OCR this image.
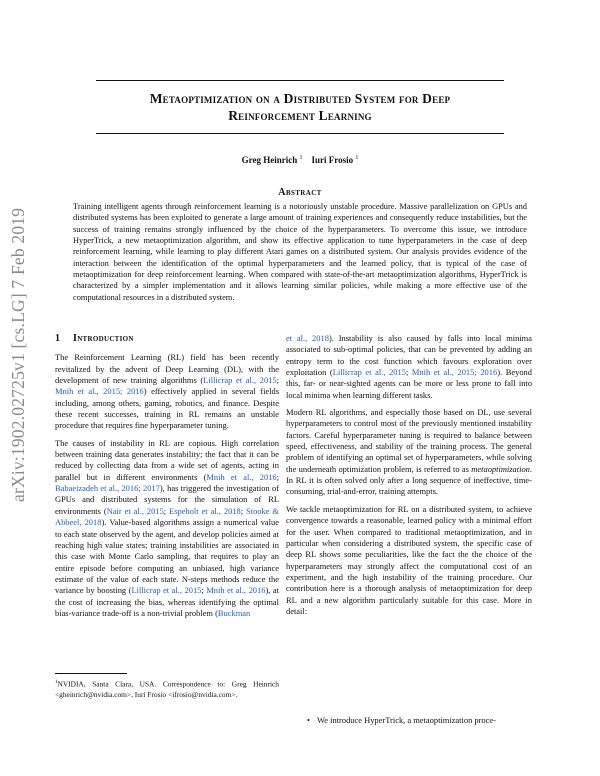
arXiv:1902.02725v1 [cs.LG] 7 Feb 2019
Metaoptimization on a Distributed System for Deep
Reinforcement Learning
Greg Heinrich $^1$ Iuri Frosio $^1$
Abstract
Training intelligent agents through reinforcement learning is a notoriously unstable procedure. Massive parallelization on GPUs and distributed systems has been exploited to generate a large amount of training experiences and consequently reduce instabilities, but the success of training remains strongly influenced by the choice of the hyperparameters. To overcome this issue, we introduce HyperTrick, a new metaoptimization algorithm, and show its effective application to tune hyperparameters in the case of deep reinforcement learning, while learning to play different Atari games on a distributed system. Our analysis provides evidence of the interaction between the identification of the optimal hyperparameters and the learned policy, that is typical of the case of metaoptimization for deep reinforcement learning. When compared with state-of-the-art metaoptimization algorithms, HyperTrick is characterized by a simpler implementation and it allows learning similar policies, while making a more effective use of the computational resources in a distributed system.
1 Introduction

The Reinforcement Learning (RL) field has been recently revitalized by the advent of Deep Learning (DL), with the development of new training algorithms (Lillicrap et al., 2015; Mnih et al., 2015; 2016) effectively applied in several fields including, among others, gaming, robotics, and finance. Despite these recent successes, training in RL remains an unstable procedure that requires fine hyperparameter tuning.

The causes of instability in RL are copious. High correlation between training data generates instability; the fact that it can be reduced by collecting data from a wide set of agents, acting in parallel but in different environments (Mnih et al., 2016; Babaeizadeh et al., 2016; 2017), has triggered the investigation of GPUs and distributed systems for the simulation of RL environments (Nair et al., 2015; Espeholt et al., 2018; Stooke & Abbeel, 2018). Value-based algorithms assign a numerical value to each state observed by the agent, and develop policies aimed at reaching high value states; training instabilities are associated in this case with Monte Carlo sampling, that requires to play an entire episode before computing an unbiased, high variance estimate of the value of each state. N-steps methods reduce the variance by boosting (Lillicrap et al., 2015; Mnih et al., 2016), at the cost of increasing the bias, whereas identifying the optimal bias-variance trade-off is a non-trivial problem (Buckman

$^1$NVIDIA, Santa Clara, USA. Correspondence to: Greg Heinrich <gheinrich@nvidia.com>, Iuri Frosio <ifrosio@nvidia.com>.

et al., 2018). Instability is also caused by falls into local minima associated to sub-optimal policies, that can be prevented by adding an entropy term to the cost function which favours exploration over exploitation (Lillicrap et al., 2015; Mnih et al., 2015; 2016). Beyond this, far- or near-sighted agents can be more or less prone to fall into local minima when learning different tasks.

Modern RL algorithms, and especially those based on DL, use several hyperparameters to control most of the previously mentioned instability factors. Careful hyperparameter tuning is required to balance between speed, effectiveness, and stability of the training process. The general problem of identifying an optimal set of hyperparameters, while solving the underneath optimization problem, is referred to as metaoptimization. In RL it is often solved only after a long sequence of ineffective, time-consuming, trial-and-error, training attempts.

We tackle metaoptimization for RL on a distributed system, to achieve convergence towards a reasonable, learned policy with a minimal effort for the user. When compared to traditional metaoptimization, and in particular when considering a distributed system, the specific case of deep RL shows some peculiarities, like the fact the the choice of the hyperparameters may strongly affect the computational cost of an experiment, and the high instability of the training procedure. Our contribution here is a thorough analysis of metaoptimization for deep RL and a new algorithm particularly suitable for this case. More in detail:

• We introduce HyperTrick, a metaoptimization proce-
